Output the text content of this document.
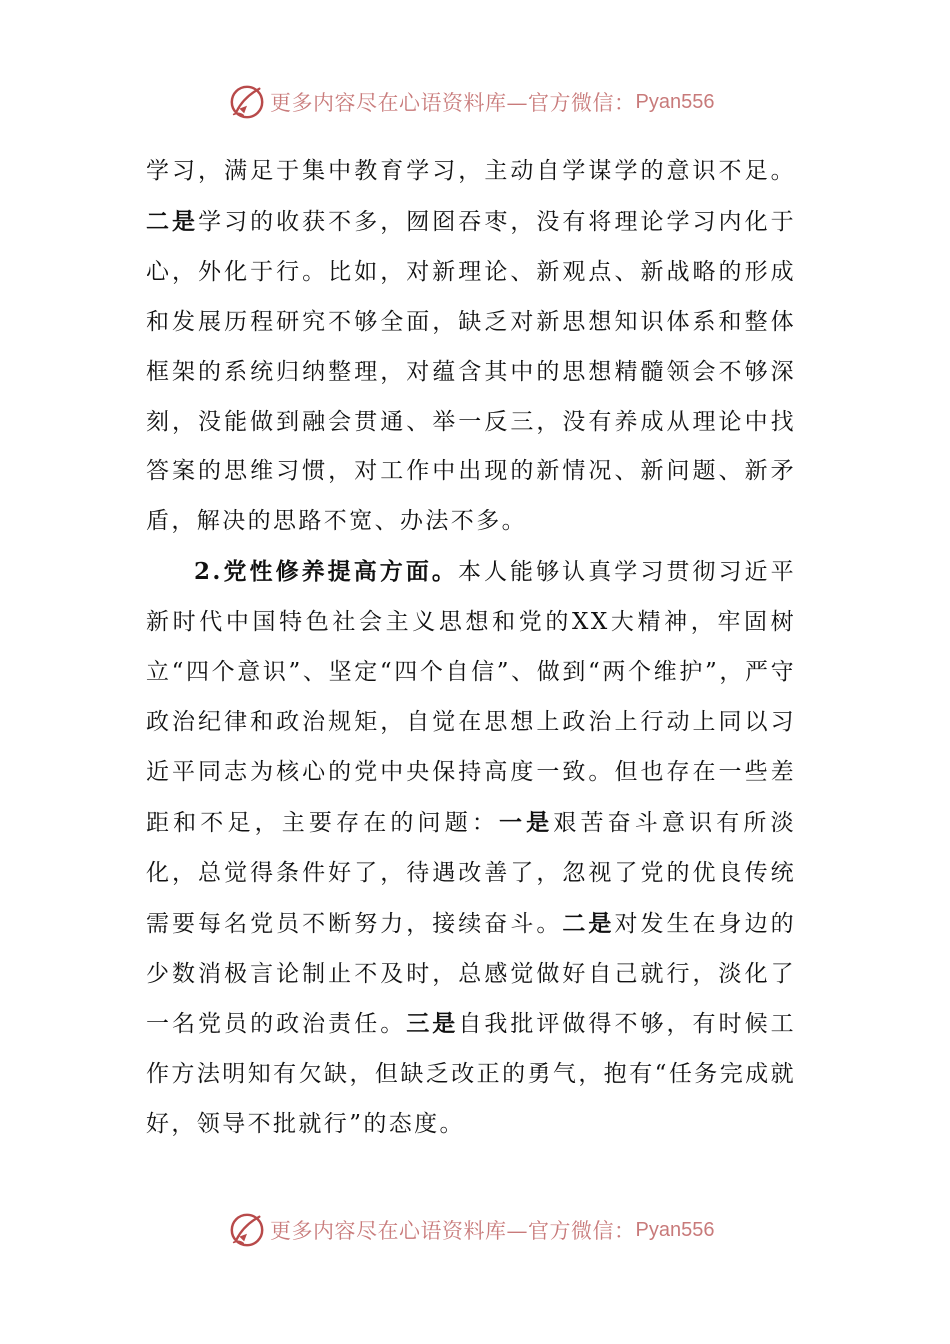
更多内容尽在心语资料库—官方微信： Pyan556

学习，满足于集中教育学习，主动自学谋学的意识不足。二是学习的收获不多，囫囵吞枣，没有将理论学习内化于心，外化于行。比如，对新理论、新观点、新战略的形成和发展历程研究不够全面，缺乏对新思想知识体系和整体框架的系统归纳整理，对蕴含其中的思想精髓领会不够深刻，没能做到融会贯通、举一反三，没有养成从理论中找答案的思维习惯，对工作中出现的新情况、新问题、新矛盾，解决的思路不宽、办法不多。

2.党性修养提高方面。本人能够认真学习贯彻习近平新时代中国特色社会主义思想和党的XX大精神，牢固树立“四个意识”、坚定“四个自信”、做到“两个维护”，严守政治纪律和政治规矩，自觉在思想上政治上行动上同以习近平同志为核心的党中央保持高度一致。但也存在一些差距和不足，主要存在的问题：一是艰苦奋斗意识有所淡化，总觉得条件好了，待遇改善了，忽视了党的优良传统需要每名党员不断努力，接续奋斗。二是对发生在身边的少数消极言论制止不及时，总感觉做好自己就行，淡化了一名党员的政治责任。三是自我批评做得不够，有时候工作方法明知有欠缺，但缺乏改正的勇气，抱有“任务完成就好，领导不批就行”的态度。

更多内容尽在心语资料库—官方微信： Pyan556
